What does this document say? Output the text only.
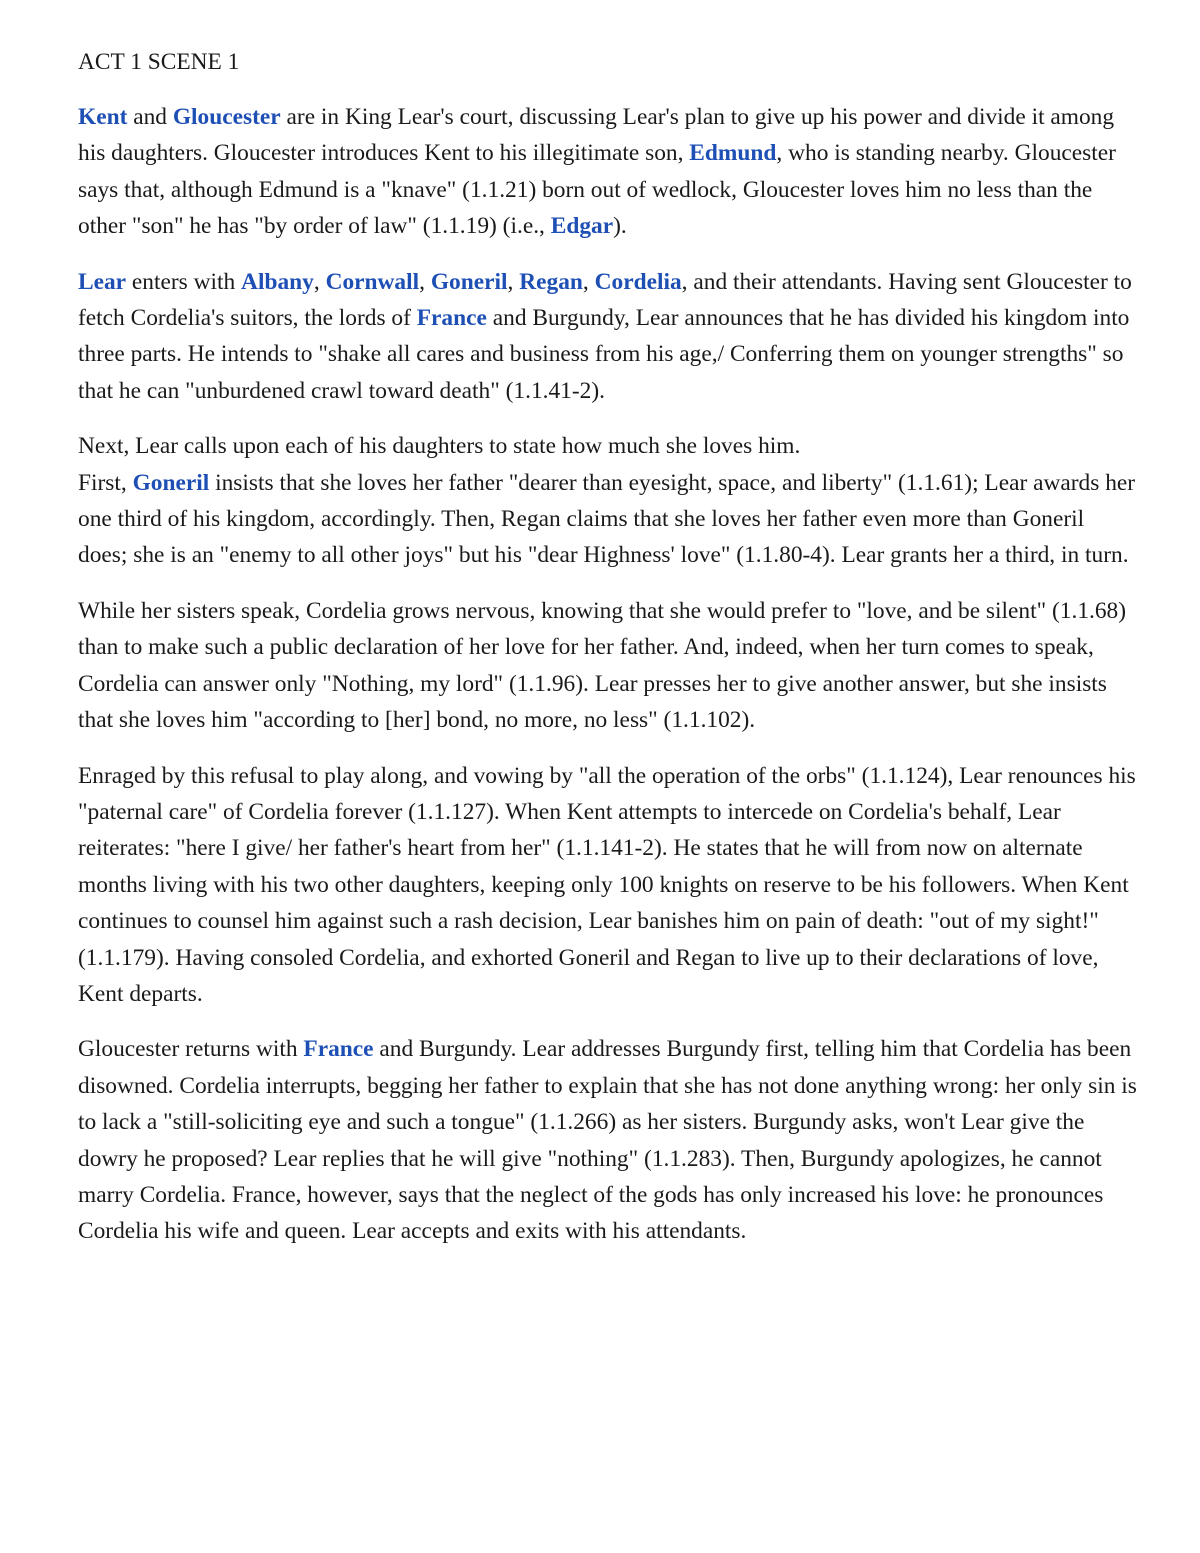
ACT 1 SCENE 1

Kent and Gloucester are in King Lear's court, discussing Lear's plan to give up his power and divide it among his daughters. Gloucester introduces Kent to his illegitimate son, Edmund, who is standing nearby. Gloucester says that, although Edmund is a "knave" (1.1.21) born out of wedlock, Gloucester loves him no less than the other "son" he has "by order of law" (1.1.19) (i.e., Edgar).

Lear enters with Albany, Cornwall, Goneril, Regan, Cordelia, and their attendants. Having sent Gloucester to fetch Cordelia's suitors, the lords of France and Burgundy, Lear announces that he has divided his kingdom into three parts. He intends to "shake all cares and business from his age,/ Conferring them on younger strengths" so that he can "unburdened crawl toward death" (1.1.41-2).

Next, Lear calls upon each of his daughters to state how much she loves him.
First, Goneril insists that she loves her father "dearer than eyesight, space, and liberty" (1.1.61); Lear awards her one third of his kingdom, accordingly. Then, Regan claims that she loves her father even more than Goneril does; she is an "enemy to all other joys" but his "dear Highness' love" (1.1.80-4). Lear grants her a third, in turn.

While her sisters speak, Cordelia grows nervous, knowing that she would prefer to "love, and be silent" (1.1.68) than to make such a public declaration of her love for her father. And, indeed, when her turn comes to speak, Cordelia can answer only "Nothing, my lord" (1.1.96). Lear presses her to give another answer, but she insists that she loves him "according to [her] bond, no more, no less" (1.1.102).

Enraged by this refusal to play along, and vowing by "all the operation of the orbs" (1.1.124), Lear renounces his "paternal care" of Cordelia forever (1.1.127). When Kent attempts to intercede on Cordelia's behalf, Lear reiterates: "here I give/ her father's heart from her" (1.1.141-2). He states that he will from now on alternate months living with his two other daughters, keeping only 100 knights on reserve to be his followers. When Kent continues to counsel him against such a rash decision, Lear banishes him on pain of death: "out of my sight!" (1.1.179). Having consoled Cordelia, and exhorted Goneril and Regan to live up to their declarations of love, Kent departs.

Gloucester returns with France and Burgundy. Lear addresses Burgundy first, telling him that Cordelia has been disowned. Cordelia interrupts, begging her father to explain that she has not done anything wrong: her only sin is to lack a "still-soliciting eye and such a tongue" (1.1.266) as her sisters. Burgundy asks, won't Lear give the dowry he proposed? Lear replies that he will give "nothing" (1.1.283). Then, Burgundy apologizes, he cannot marry Cordelia. France, however, says that the neglect of the gods has only increased his love: he pronounces Cordelia his wife and queen. Lear accepts and exits with his attendants.
